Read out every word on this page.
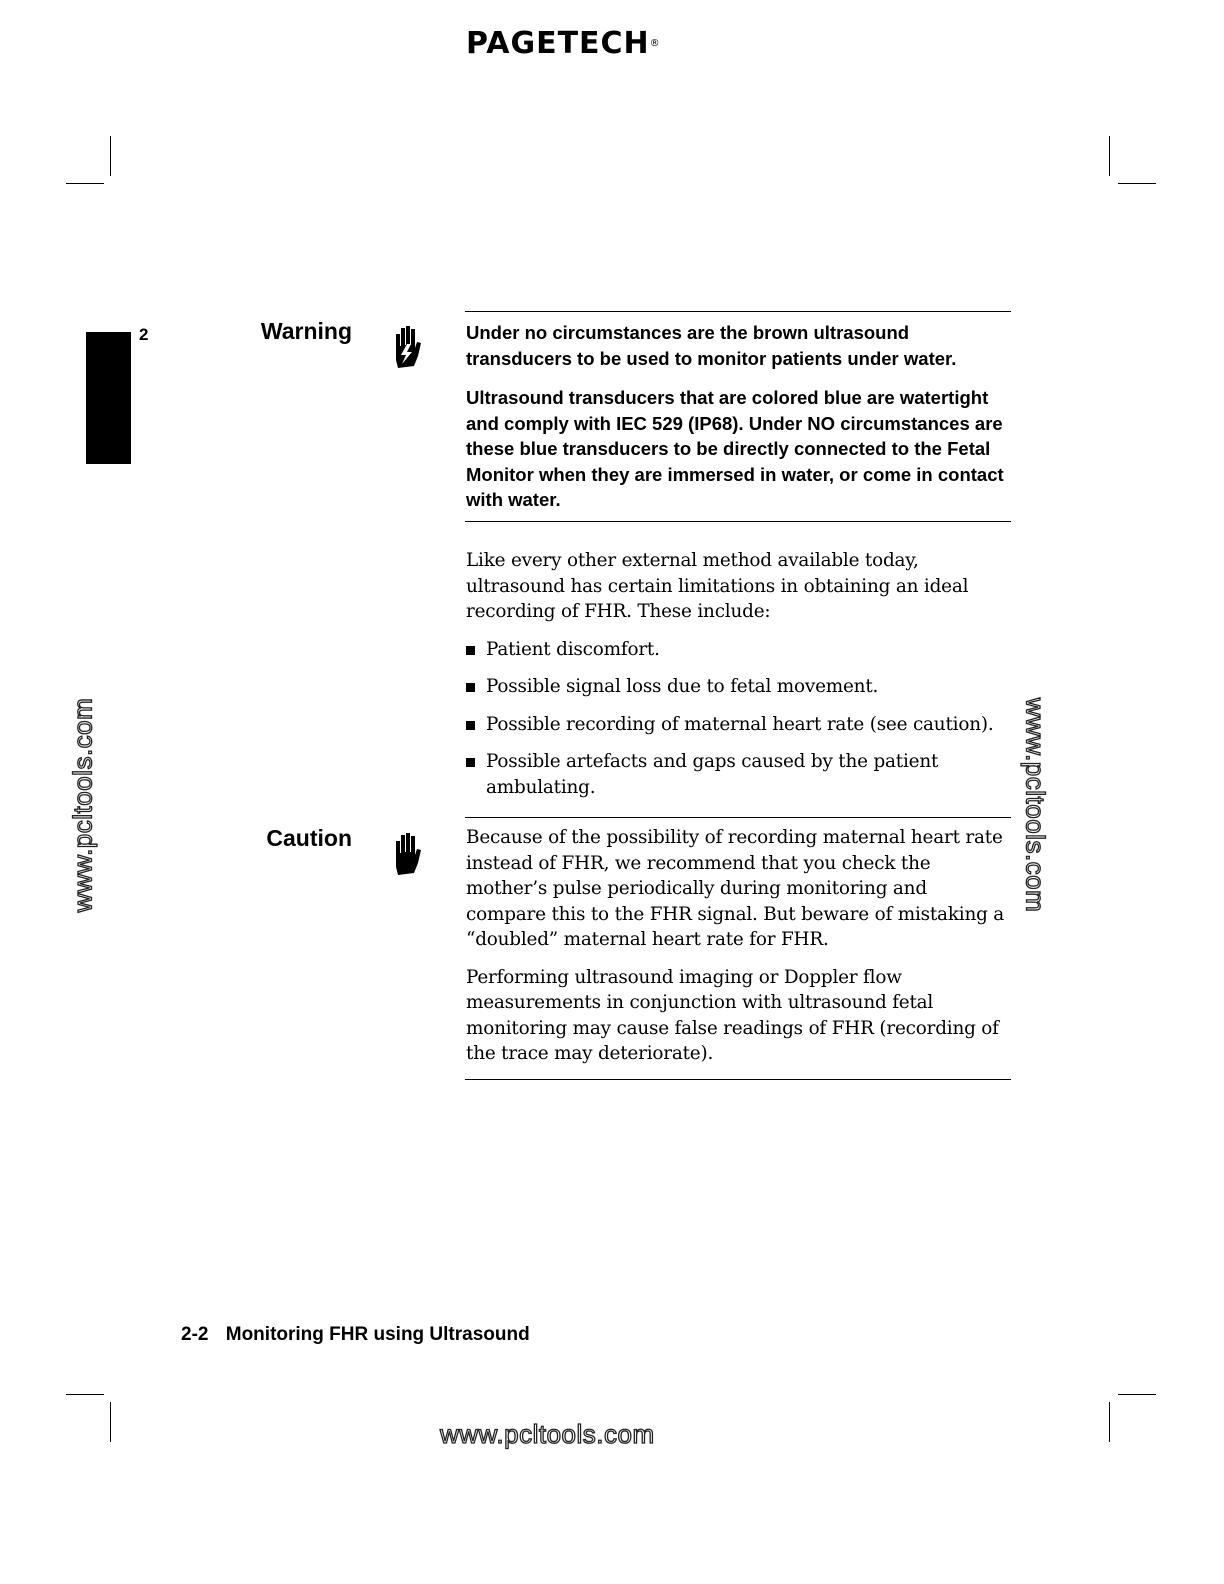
PAGETECH®
2	Warning	Under no circumstances are the brown ultrasound transducers to be used to monitor patients under water.

Ultrasound transducers that are colored blue are watertight and comply with IEC 529 (IP68). Under NO circumstances are these blue transducers to be directly connected to the Fetal Monitor when they are immersed in water, or come in contact with water.

Like every other external method available today, ultrasound has certain limitations in obtaining an ideal recording of FHR. These include:

Patient discomfort.
Possible signal loss due to fetal movement.
Possible recording of maternal heart rate (see caution).
Possible artefacts and gaps caused by the patient ambulating.
Caution	Because of the possibility of recording maternal heart rate instead of FHR, we recommend that you check the mother’s pulse periodically during monitoring and compare this to the FHR signal. But beware of mistaking a “doubled” maternal heart rate for FHR.

Performing ultrasound imaging or Doppler flow measurements in conjunction with ultrasound fetal monitoring may cause false readings of FHR (recording of the trace may deteriorate).

2-2 Monitoring FHR using Ultrasound
www.pcltools.com	www.pcltools.com
www.pcltools.com
